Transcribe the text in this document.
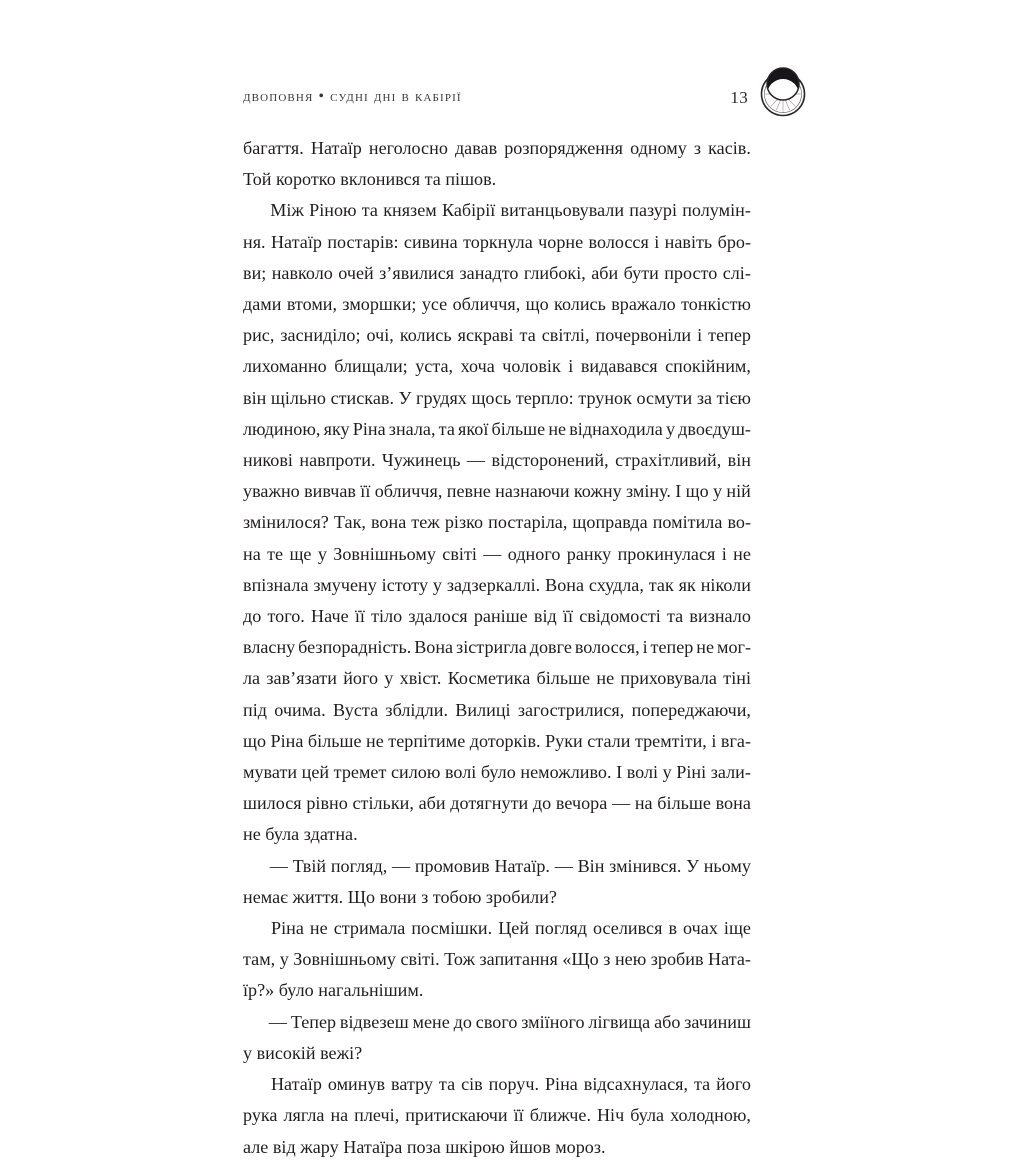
двоповня • судні дні в кабірії	13
багаття. Натаїр неголосно давав розпорядження одному з касів.
Той коротко вклонився та пішов.
Між Ріною та князем Кабірії витанцьовували пазурі полумін-
ня. Натаїр постарів: сивина торкнула чорне волосся і навіть бро-
ви; навколо очей з’явилися занадто глибокі, аби бути просто слі-
дами втоми, зморшки; усе обличчя, що колись вражало тонкістю
рис, заснидiло; очі, колись яскраві та світлі, почервоніли і тепер
лихоманно блищали; уста, хоча чоловік і видавався спокійним,
він щільно стискав. У грудях щось терпло: трунок осмути за тією
людиною, яку Ріна знала, та якої більше не віднаходила у двоєдуш-
никові навпроти. Чужинець — відсторонений, страхітливий, він
уважно вивчав її обличчя, певне назнаючи кожну зміну. І що у ній
змінилося? Так, вона теж різко постаріла, щоправда помітила во-
на те ще у Зовнішньому світі — одного ранку прокинулася і не
впізнала змучену істоту у задзеркаллі. Вона схудла, так як ніколи
до того. Наче її тіло здалося раніше від її свідомості та визнало
власну безпорадність. Вона зістригла довге волосся, і тепер не мог-
ла зав’язати його у хвіст. Косметика більше не приховувала тіні
під очима. Вуста зблідли. Вилиці загострилися, попереджаючи,
що Ріна більше не терпітиме доторків. Руки стали тремтіти, і вга-
мувати цей тремет силою волі було неможливо. І волі у Ріні зали-
шилося рівно стільки, аби дотягнути до вечора — на більше вона
не була здатна.
— Твій погляд, — промовив Натаїр. — Він змінився. У ньому
немає життя. Що вони з тобою зробили?
Ріна не стримала посмішки. Цей погляд оселився в очах іще
там, у Зовнішньому світі. Тож запитання «Що з нею зробив Ната-
їр?» було нагальнішим.
— Тепер відвезеш мене до свого зміїного лігвища або зачиниш
у високій вежі?
Натаїр оминув ватру та сів поруч. Ріна відсахнулася, та його
рука лягла на плечі, притискаючи її ближче. Ніч була холодною,
але від жару Натаїра поза шкірою йшов мороз.
